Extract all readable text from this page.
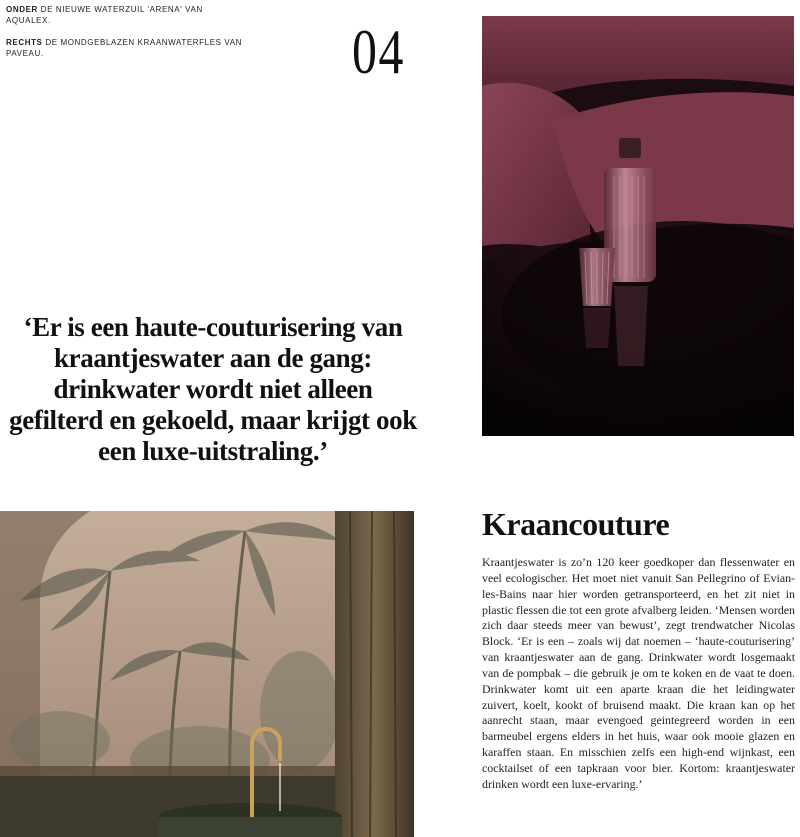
ONDER DE NIEUWE WATERZUIL 'ARENA' VAN AQUALEX.

RECHTS DE MONDGEBLAZEN KRAANWATERFLES VAN PAVEAU.	04
‘Er is een haute-couturisering van kraantjeswater aan de gang: drinkwater wordt niet alleen gefilterd en gekoeld, maar krijgt ook een luxe-uitstraling.’
Kraancouture
Kraantjeswater is zo’n 120 keer goedkoper dan flessenwater en veel ecologischer. Het moet niet vanuit San Pellegrino of Evian-les-Bains naar hier worden getransporteerd, en het zit niet in plastic flessen die tot een grote afvalberg leiden. ‘Mensen worden zich daar steeds meer van bewust’, zegt trendwatcher Nicolas Block. ‘Er is een – zoals wij dat noemen – ‘haute-couturisering’ van kraantjeswater aan de gang. Drinkwater wordt losgemaakt van de pompbak – die gebruik je om te koken en de vaat te doen. Drinkwater komt uit een aparte kraan die het leidingwater zuivert, koelt, kookt of bruisend maakt. Die kraan kan op het aanrecht staan, maar evengoed geintegreerd worden in een barmeubel ergens elders in het huis, waar ook mooie glazen en karaffen staan. En misschien zelfs een high-end wijnkast, een cocktailset of een tapkraan voor bier. Kortom: kraantjeswater drinken wordt een luxe-ervaring.’
